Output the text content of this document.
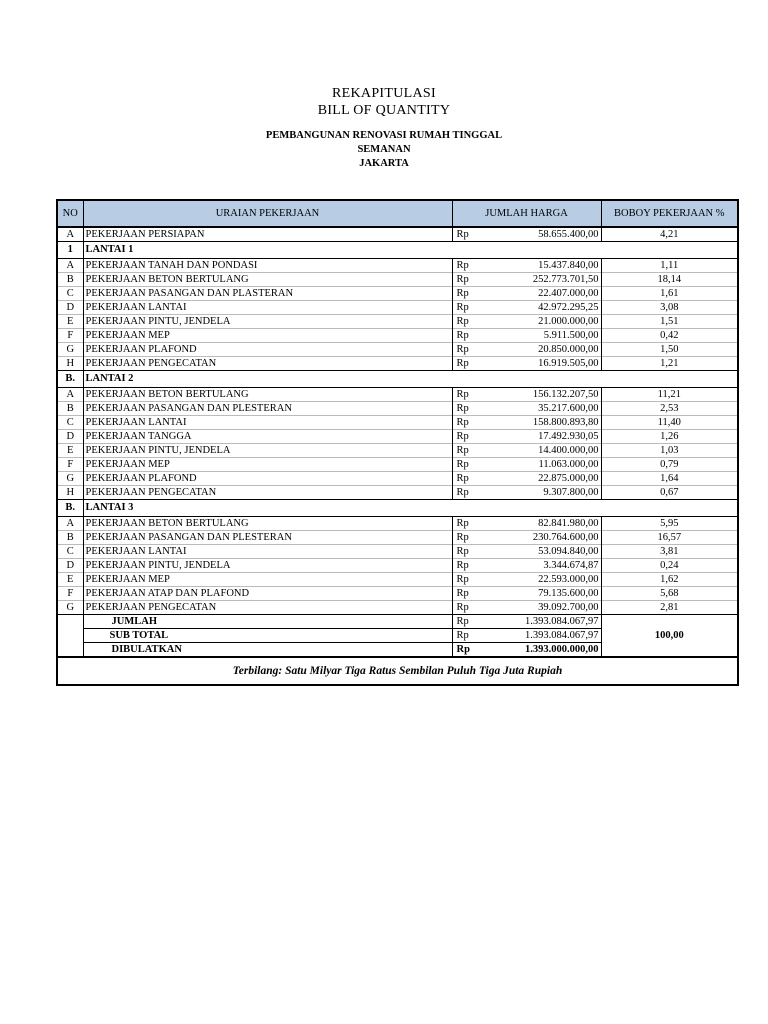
REKAPITULASI
BILL OF QUANTITY
PEMBANGUNAN RENOVASI RUMAH TINGGAL
SEMANAN
JAKARTA
NO	URAIAN PEKERJAAN	JUMLAH HARGA		BOBOY PEKERJAAN %
A	PEKERJAAN PERSIAPAN	Rp	58.655.400,00	4,21
1	LANTAI 1			
A	PEKERJAAN TANAH DAN PONDASI	Rp	15.437.840,00	1,11
B	PEKERJAAN BETON BERTULANG	Rp	252.773.701,50	18,14
C	PEKERJAAN PASANGAN DAN PLASTERAN	Rp	22.407.000,00	1,61
D	PEKERJAAN LANTAI	Rp	42.972.295,25	3,08
E	PEKERJAAN PINTU, JENDELA	Rp	21.000.000,00	1,51
F	PEKERJAAN MEP	Rp	5.911.500,00	0,42
G	PEKERJAAN PLAFOND	Rp	20.850.000,00	1,50
H	PEKERJAAN PENGECATAN	Rp	16.919.505,00	1,21
B.	LANTAI 2			
A	PEKERJAAN BETON BERTULANG	Rp	156.132.207,50	11,21
B	PEKERJAAN PASANGAN DAN PLESTERAN	Rp	35.217.600,00	2,53
C	PEKERJAAN LANTAI	Rp	158.800.893,80	11,40
D	PEKERJAAN TANGGA	Rp	17.492.930,05	1,26
E	PEKERJAAN PINTU, JENDELA	Rp	14.400.000,00	1,03
F	PEKERJAAN MEP	Rp	11.063.000,00	0,79
G	PEKERJAAN PLAFOND	Rp	22.875.000,00	1,64
H	PEKERJAAN PENGECATAN	Rp	9.307.800,00	0,67
B.	LANTAI 3			
A	PEKERJAAN BETON BERTULANG	Rp	82.841.980,00	5,95
B	PEKERJAAN PASANGAN DAN PLESTERAN	Rp	230.764.600,00	16,57
C	PEKERJAAN LANTAI	Rp	53.094.840,00	3,81
D	PEKERJAAN PINTU, JENDELA	Rp	3.344.674,87	0,24
E	PEKERJAAN MEP	Rp	22.593.000,00	1,62
F	PEKERJAAN ATAP DAN PLAFOND	Rp	79.135.600,00	5,68
G	PEKERJAAN PENGECATAN	Rp	39.092.700,00	2,81
	JUMLAH	Rp	1.393.084.067,97	100,00
	SUB TOTAL	Rp	1.393.084.067,97	
	DIBULATKAN	Rp	1.393.000.000,00	
Terbilang: Satu Milyar Tiga Ratus Sembilan Puluh Tiga Juta Rupiah				
